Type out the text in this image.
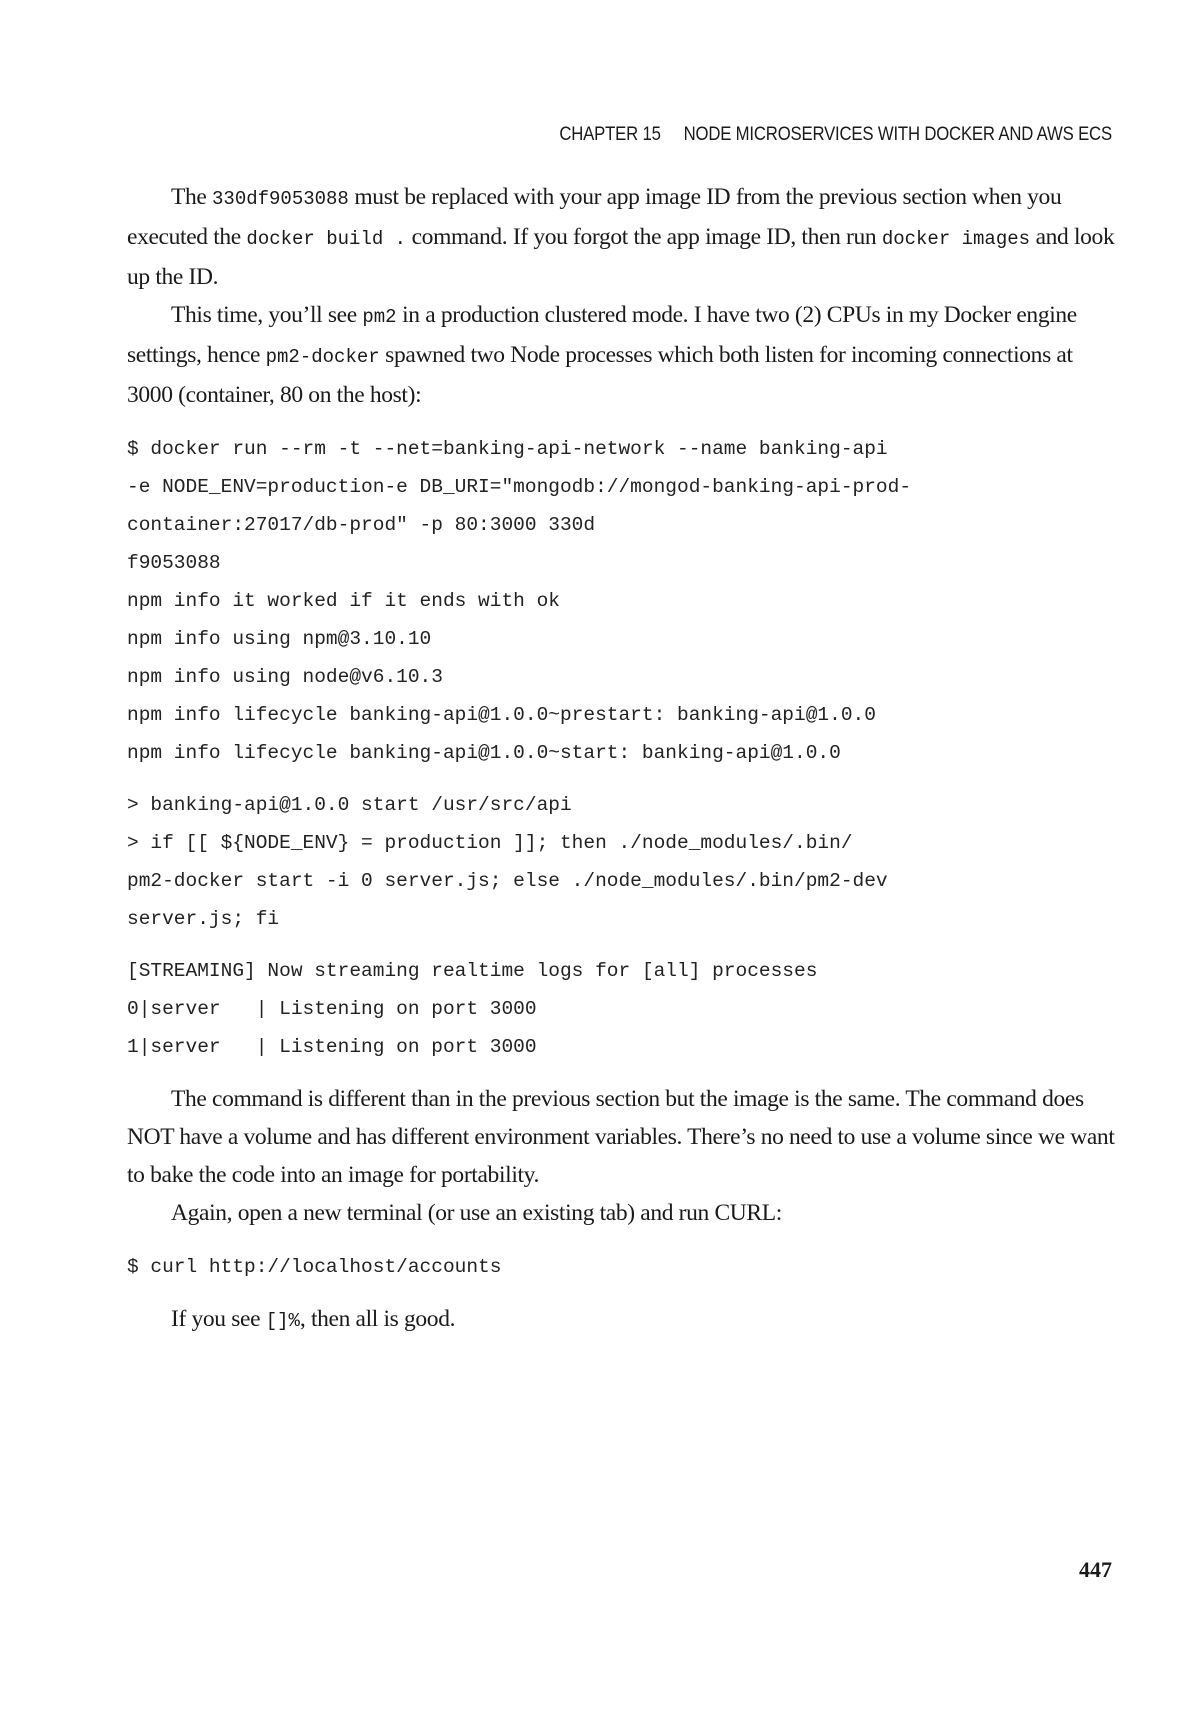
CHAPTER 15 NODE MICROSERVICES WITH DOCKER AND AWS ECS

The 330df9053088 must be replaced with your app image ID from the previous section when you executed the docker build . command. If you forgot the app image ID, then run docker images and look up the ID.

This time, you’ll see pm2 in a production clustered mode. I have two (2) CPUs in my Docker engine settings, hence pm2-docker spawned two Node processes which both listen for incoming connections at 3000 (container, 80 on the host):

$ docker run --rm -t --net=banking-api-network --name banking-api
-e NODE_ENV=production-e DB_URI="mongodb://mongod-banking-api-prod-
container:27017/db-prod" -p 80:3000 330d
f9053088
npm info it worked if it ends with ok
npm info using npm@3.10.10
npm info using node@v6.10.3
npm info lifecycle banking-api@1.0.0~prestart: banking-api@1.0.0
npm info lifecycle banking-api@1.0.0~start: banking-api@1.0.0
> banking-api@1.0.0 start /usr/src/api
> if [[ ${NODE_ENV} = production ]]; then ./node_modules/.bin/
pm2-docker start -i 0 server.js; else ./node_modules/.bin/pm2-dev
server.js; fi
[STREAMING] Now streaming realtime logs for [all] processes
0|server   | Listening on port 3000
1|server   | Listening on port 3000

The command is different than in the previous section but the image is the same. The command does NOT have a volume and has different environment variables. There’s no need to use a volume since we want to bake the code into an image for portability.

Again, open a new terminal (or use an existing tab) and run CURL:

$ curl http://localhost/accounts

If you see []%, then all is good.

447
